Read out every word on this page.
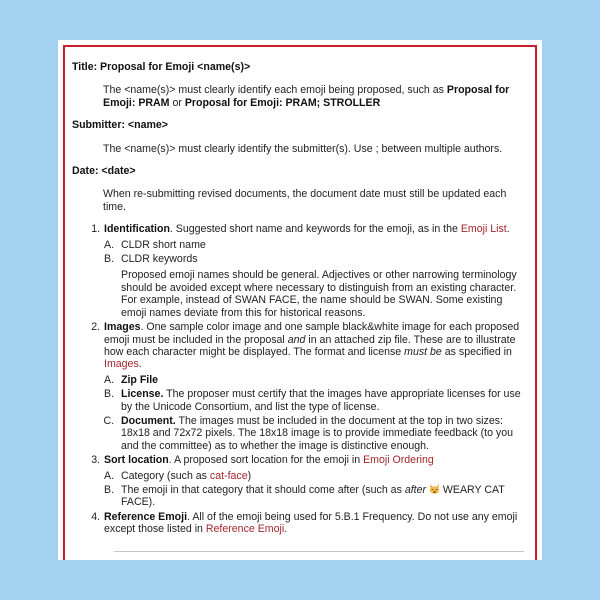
Title: Proposal for Emoji <name(s)>

The <name(s)> must clearly identify each emoji being proposed, such as Proposal for Emoji: PRAM or Proposal for Emoji: PRAM; STROLLER

Submitter: <name>

The <name(s)> must clearly identify the submitter(s). Use ; between multiple authors.

Date: <date>

When re-submitting revised documents, the document date must still be updated each time.

1. Identification. Suggested short name and keywords for the emoji, as in the Emoji List.
A. CLDR short name
B. CLDR keywords
Proposed emoji names should be general. Adjectives or other narrowing terminology should be avoided except where necessary to distinguish from an existing character. For example, instead of SWAN FACE, the name should be SWAN. Some existing emoji names deviate from this for historical reasons.
2. Images. One sample color image and one sample black&white image for each proposed emoji must be included in the proposal and in an attached zip file. These are to illustrate how each character might be displayed. The format and license must be as specified in Images.
A. Zip File
B. License. The proposer must certify that the images have appropriate licenses for use by the Unicode Consortium, and list the type of license.
C. Document. The images must be included in the document at the top in two sizes: 18x18 and 72x72 pixels. The 18x18 image is to provide immediate feedback (to you and the committee) as to whether the image is distinctive enough.
3. Sort location. A proposed sort location for the emoji in Emoji Ordering
A. Category (such as cat-face)
B. The emoji in that category that it should come after (such as after  WEARY CAT FACE).
4. Reference Emoji. All of the emoji being used for 5.B.1 Frequency. Do not use any emoji except those listed in Reference Emoji.
